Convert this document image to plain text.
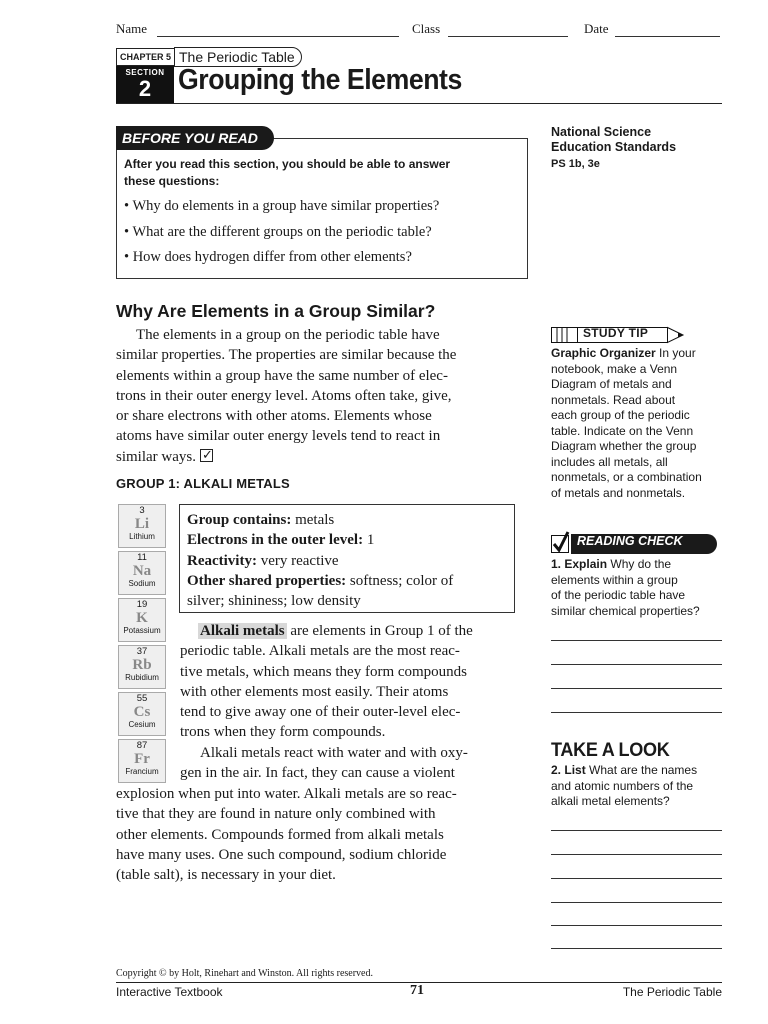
Name	Class	Date
CHAPTER 5 The Periodic Table
SECTION
2 Grouping the Elements
BEFORE YOU READ
After you read this section, you should be able to answer
these questions:
• Why do elements in a group have similar properties?
• What are the different groups on the periodic table?
• How does hydrogen differ from other elements?
National Science
Education Standards
PS 1b, 3e
Why Are Elements in a Group Similar?
The elements in a group on the periodic table have
similar properties. The properties are similar because the
elements within a group have the same number of elec-
trons in their outer energy level. Atoms often take, give,
or share electrons with other atoms. Elements whose
atoms have similar outer energy levels tend to react in
similar ways.✓
GROUP 1: ALKALI METALS
3
Li
Lithium
11
Na
Sodium
19
K
Potassium
37
Rb
Rubidium
55
Cs
Cesium
87
Fr
Francium
Group contains: metals
Electrons in the outer level: 1
Reactivity: very reactive
Other shared properties: softness; color of
silver; shininess; low density
Alkali metals are elements in Group 1 of the
periodic table. Alkali metals are the most reac-
tive metals, which means they form compounds
with other elements most easily. Their atoms
tend to give away one of their outer-level elec-
trons when they form compounds.
Alkali metals react with water and with oxy-
gen in the air. In fact, they can cause a violent
explosion when put into water. Alkali metals are so reac-
tive that they are found in nature only combined with
other elements. Compounds formed from alkali metals
have many uses. One such compound, sodium chloride
(table salt), is necessary in your diet.
STUDY TIP
Graphic Organizer In your
notebook, make a Venn
Diagram of metals and
nonmetals. Read about
each group of the periodic
table. Indicate on the Venn
Diagram whether the group
includes all metals, all
nonmetals, or a combination
of metals and nonmetals.
READING CHECK
1. Explain Why do the
elements within a group
of the periodic table have
similar chemical properties?
TAKE A LOOK
2. List What are the names
and atomic numbers of the
alkali metal elements?
Copyright © by Holt, Rinehart and Winston. All rights reserved.
Interactive Textbook	71	The Periodic Table
